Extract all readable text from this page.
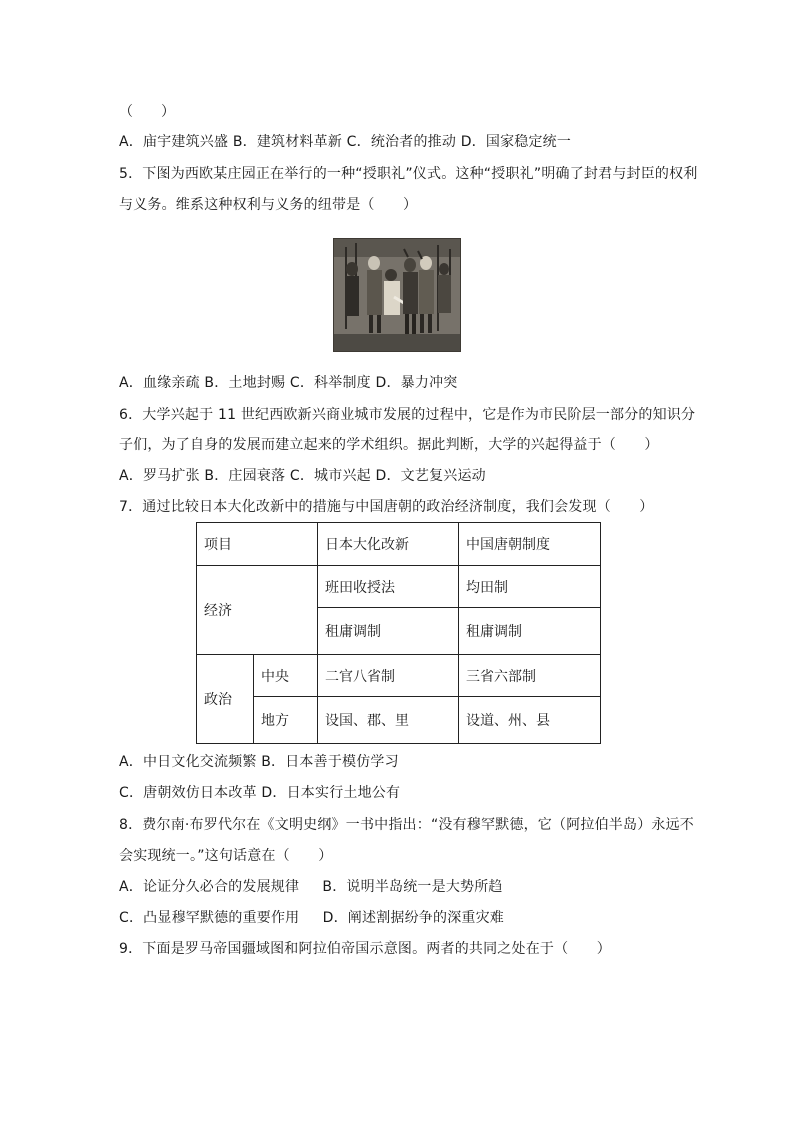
（　　）
A．庙宇建筑兴盛 B．建筑材料革新 C．统治者的推动 D．国家稳定统一
5．下图为西欧某庄园正在举行的一种“授职礼”仪式。这种“授职礼”明确了封君与封臣的权利
与义务。维系这种权利与义务的纽带是（　　）
A．血缘亲疏 B．土地封赐 C．科举制度 D．暴力冲突
6．大学兴起于 11 世纪西欧新兴商业城市发展的过程中，它是作为市民阶层一部分的知识分
子们，为了自身的发展而建立起来的学术组织。据此判断，大学的兴起得益于（　　）
A．罗马扩张 B．庄园衰落 C．城市兴起 D．文艺复兴运动
7．通过比较日本大化改新中的措施与中国唐朝的政治经济制度，我们会发现（　　）
项目		日本大化改新	中国唐朝制度
经济		班田收授法	均田制
		租庸调制	租庸调制
政治	中央	二官八省制	三省六部制
	地方	设国、郡、里	设道、州、县
A．中日文化交流频繁 B．日本善于模仿学习
C．唐朝效仿日本改革 D．日本实行土地公有
8．费尔南·布罗代尔在《文明史纲》一书中指出：“没有穆罕默德，它（阿拉伯半岛）永远不
会实现统一。”这句话意在（　　）
A．论证分久必合的发展规律     B．说明半岛统一是大势所趋
C．凸显穆罕默德的重要作用     D．阐述割据纷争的深重灾难
9．下面是罗马帝国疆域图和阿拉伯帝国示意图。两者的共同之处在于（　　）
